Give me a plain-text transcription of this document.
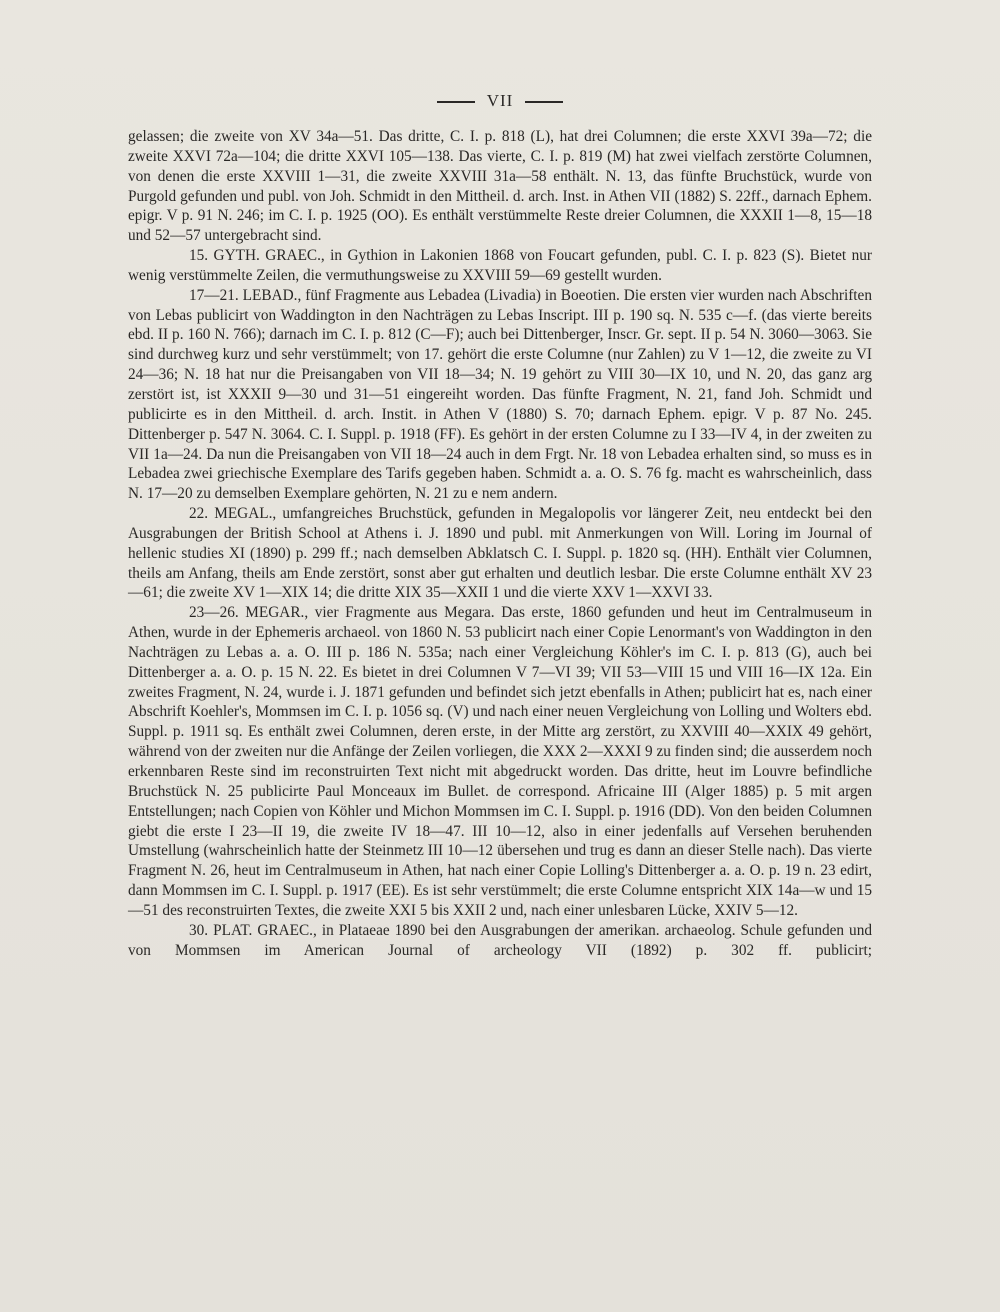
VII

gelassen; die zweite von XV 34a—51. Das dritte, C. I. p. 818 (L), hat drei Columnen; die erste XXVI 39a—72; die zweite XXVI 72a—104; die dritte XXVI 105—138. Das vierte, C. I. p. 819 (M) hat zwei vielfach zerstörte Columnen, von denen die erste XXVIII 1—31, die zweite XXVIII 31a—58 enthält. N. 13, das fünfte Bruchstück, wurde von Purgold gefunden und publ. von Joh. Schmidt in den Mittheil. d. arch. Inst. in Athen VII (1882) S. 22ff., darnach Ephem. epigr. V p. 91 N. 246; im C. I. p. 1925 (OO). Es enthält verstümmelte Reste dreier Columnen, die XXXII 1—8, 15—18 und 52—57 untergebracht sind.

15. GYTH. GRAEC., in Gythion in Lakonien 1868 von Foucart gefunden, publ. C. I. p. 823 (S). Bietet nur wenig verstümmelte Zeilen, die vermuthungsweise zu XXVIII 59—69 gestellt wurden.

17—21. LEBAD., fünf Fragmente aus Lebadea (Livadia) in Boeotien. Die ersten vier wurden nach Abschriften von Lebas publicirt von Waddington in den Nachträgen zu Lebas Inscript. III p. 190 sq. N. 535 c—f. (das vierte bereits ebd. II p. 160 N. 766); darnach im C. I. p. 812 (C—F); auch bei Dittenberger, Inscr. Gr. sept. II p. 54 N. 3060—3063. Sie sind durchweg kurz und sehr verstümmelt; von 17. gehört die erste Columne (nur Zahlen) zu V 1—12, die zweite zu VI 24—36; N. 18 hat nur die Preisangaben von VII 18—34; N. 19 gehört zu VIII 30—IX 10, und N. 20, das ganz arg zerstört ist, ist XXXII 9—30 und 31—51 eingereiht worden. Das fünfte Fragment, N. 21, fand Joh. Schmidt und publicirte es in den Mittheil. d. arch. Instit. in Athen V (1880) S. 70; darnach Ephem. epigr. V p. 87 No. 245. Dittenberger p. 547 N. 3064. C. I. Suppl. p. 1918 (FF). Es gehört in der ersten Columne zu I 33—IV 4, in der zweiten zu VII 1a—24. Da nun die Preisangaben von VII 18—24 auch in dem Frgt. Nr. 18 von Lebadea erhalten sind, so muss es in Lebadea zwei griechische Exemplare des Tarifs gegeben haben. Schmidt a. a. O. S. 76 fg. macht es wahrscheinlich, dass N. 17—20 zu demselben Exemplare gehörten, N. 21 zu e nem andern.

22. MEGAL., umfangreiches Bruchstück, gefunden in Megalopolis vor längerer Zeit, neu entdeckt bei den Ausgrabungen der British School at Athens i. J. 1890 und publ. mit Anmerkungen von Will. Loring im Journal of hellenic studies XI (1890) p. 299 ff.; nach demselben Abklatsch C. I. Suppl. p. 1820 sq. (HH). Enthält vier Columnen, theils am Anfang, theils am Ende zerstört, sonst aber gut erhalten und deutlich lesbar. Die erste Columne enthält XV 23—61; die zweite XV 1—XIX 14; die dritte XIX 35—XXII 1 und die vierte XXV 1—XXVI 33.

23—26. MEGAR., vier Fragmente aus Megara. Das erste, 1860 gefunden und heut im Centralmuseum in Athen, wurde in der Ephemeris archaeol. von 1860 N. 53 publicirt nach einer Copie Lenormant's von Waddington in den Nachträgen zu Lebas a. a. O. III p. 186 N. 535a; nach einer Vergleichung Köhler's im C. I. p. 813 (G), auch bei Dittenberger a. a. O. p. 15 N. 22. Es bietet in drei Columnen V 7—VI 39; VII 53—VIII 15 und VIII 16—IX 12a. Ein zweites Fragment, N. 24, wurde i. J. 1871 gefunden und befindet sich jetzt ebenfalls in Athen; publicirt hat es, nach einer Abschrift Koehler's, Mommsen im C. I. p. 1056 sq. (V) und nach einer neuen Vergleichung von Lolling und Wolters ebd. Suppl. p. 1911 sq. Es enthält zwei Columnen, deren erste, in der Mitte arg zerstört, zu XXVIII 40—XXIX 49 gehört, während von der zweiten nur die Anfänge der Zeilen vorliegen, die XXX 2—XXXI 9 zu finden sind; die ausserdem noch erkennbaren Reste sind im reconstruirten Text nicht mit abgedruckt worden. Das dritte, heut im Louvre befindliche Bruchstück N. 25 publicirte Paul Monceaux im Bullet. de correspond. Africaine III (Alger 1885) p. 5 mit argen Entstellungen; nach Copien von Köhler und Michon Mommsen im C. I. Suppl. p. 1916 (DD). Von den beiden Columnen giebt die erste I 23—II 19, die zweite IV 18—47. III 10—12, also in einer jedenfalls auf Versehen beruhenden Umstellung (wahrscheinlich hatte der Steinmetz III 10—12 übersehen und trug es dann an dieser Stelle nach). Das vierte Fragment N. 26, heut im Centralmuseum in Athen, hat nach einer Copie Lolling's Dittenberger a. a. O. p. 19 n. 23 edirt, dann Mommsen im C. I. Suppl. p. 1917 (EE). Es ist sehr verstümmelt; die erste Columne entspricht XIX 14a—w und 15—51 des reconstruirten Textes, die zweite XXI 5 bis XXII 2 und, nach einer unlesbaren Lücke, XXIV 5—12.

30. PLAT. GRAEC., in Plataeae 1890 bei den Ausgrabungen der amerikan. archaeolog. Schule gefunden und von Mommsen im American Journal of archeology VII (1892) p. 302 ff. publicirt;
